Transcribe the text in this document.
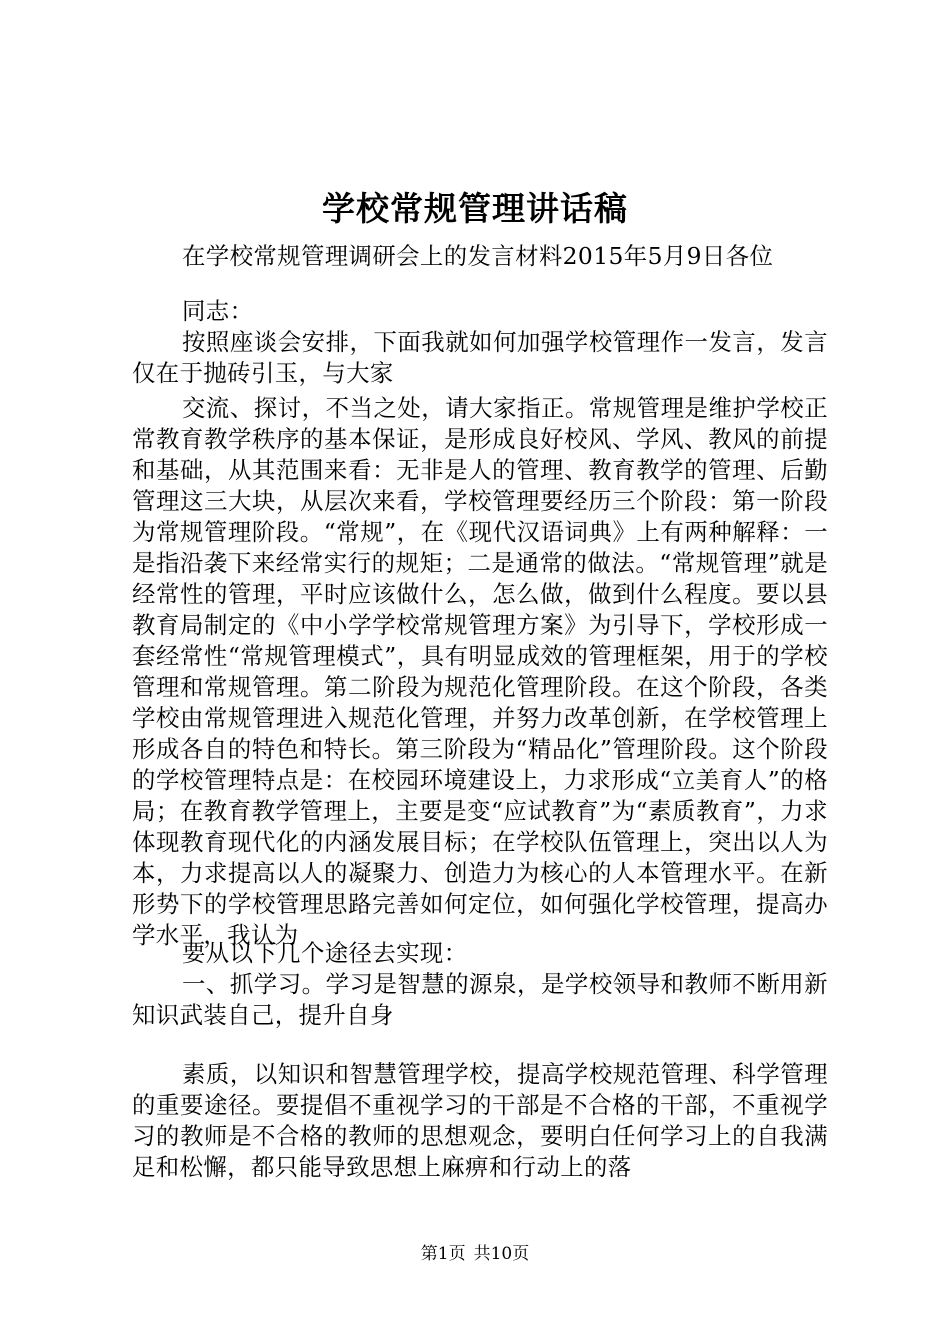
学校常规管理讲话稿

在学校常规管理调研会上的发言材料2015年5月9日各位

同志：

按照座谈会安排，下面我就如何加强学校管理作一发言，发言仅在于抛砖引玉，与大家

交流、探讨，不当之处，请大家指正。常规管理是维护学校正常教育教学秩序的基本保证，是形成良好校风、学风、教风的前提和基础，从其范围来看：无非是人的管理、教育教学的管理、后勤管理这三大块，从层次来看，学校管理要经历三个阶段：第一阶段为常规管理阶段。“常规”，在《现代汉语词典》上有两种解释：一是指沿袭下来经常实行的规矩；二是通常的做法。“常规管理”就是经常性的管理，平时应该做什么，怎么做，做到什么程度。要以县教育局制定的《中小学学校常规管理方案》为引导下，学校形成一套经常性“常规管理模式”，具有明显成效的管理框架，用于的学校管理和常规管理。第二阶段为规范化管理阶段。在这个阶段，各类学校由常规管理进入规范化管理，并努力改革创新，在学校管理上形成各自的特色和特长。第三阶段为“精品化”管理阶段。这个阶段的学校管理特点是：在校园环境建设上，力求形成“立美育人”的格局；在教育教学管理上，主要是变“应试教育”为“素质教育”，力求体现教育现代化的内涵发展目标；在学校队伍管理上，突出以人为本，力求提高以人的凝聚力、创造力为核心的人本管理水平。在新形势下的学校管理思路完善如何定位，如何强化学校管理，提高办学水平，我认为

要从以下几个途径去实现：

一、抓学习。学习是智慧的源泉，是学校领导和教师不断用新知识武装自己，提升自身

素质，以知识和智慧管理学校，提高学校规范管理、科学管理的重要途径。要提倡不重视学习的干部是不合格的干部，不重视学习的教师是不合格的教师的思想观念，要明白任何学习上的自我满足和松懈，都只能导致思想上麻痹和行动上的落

第1页 共10页
